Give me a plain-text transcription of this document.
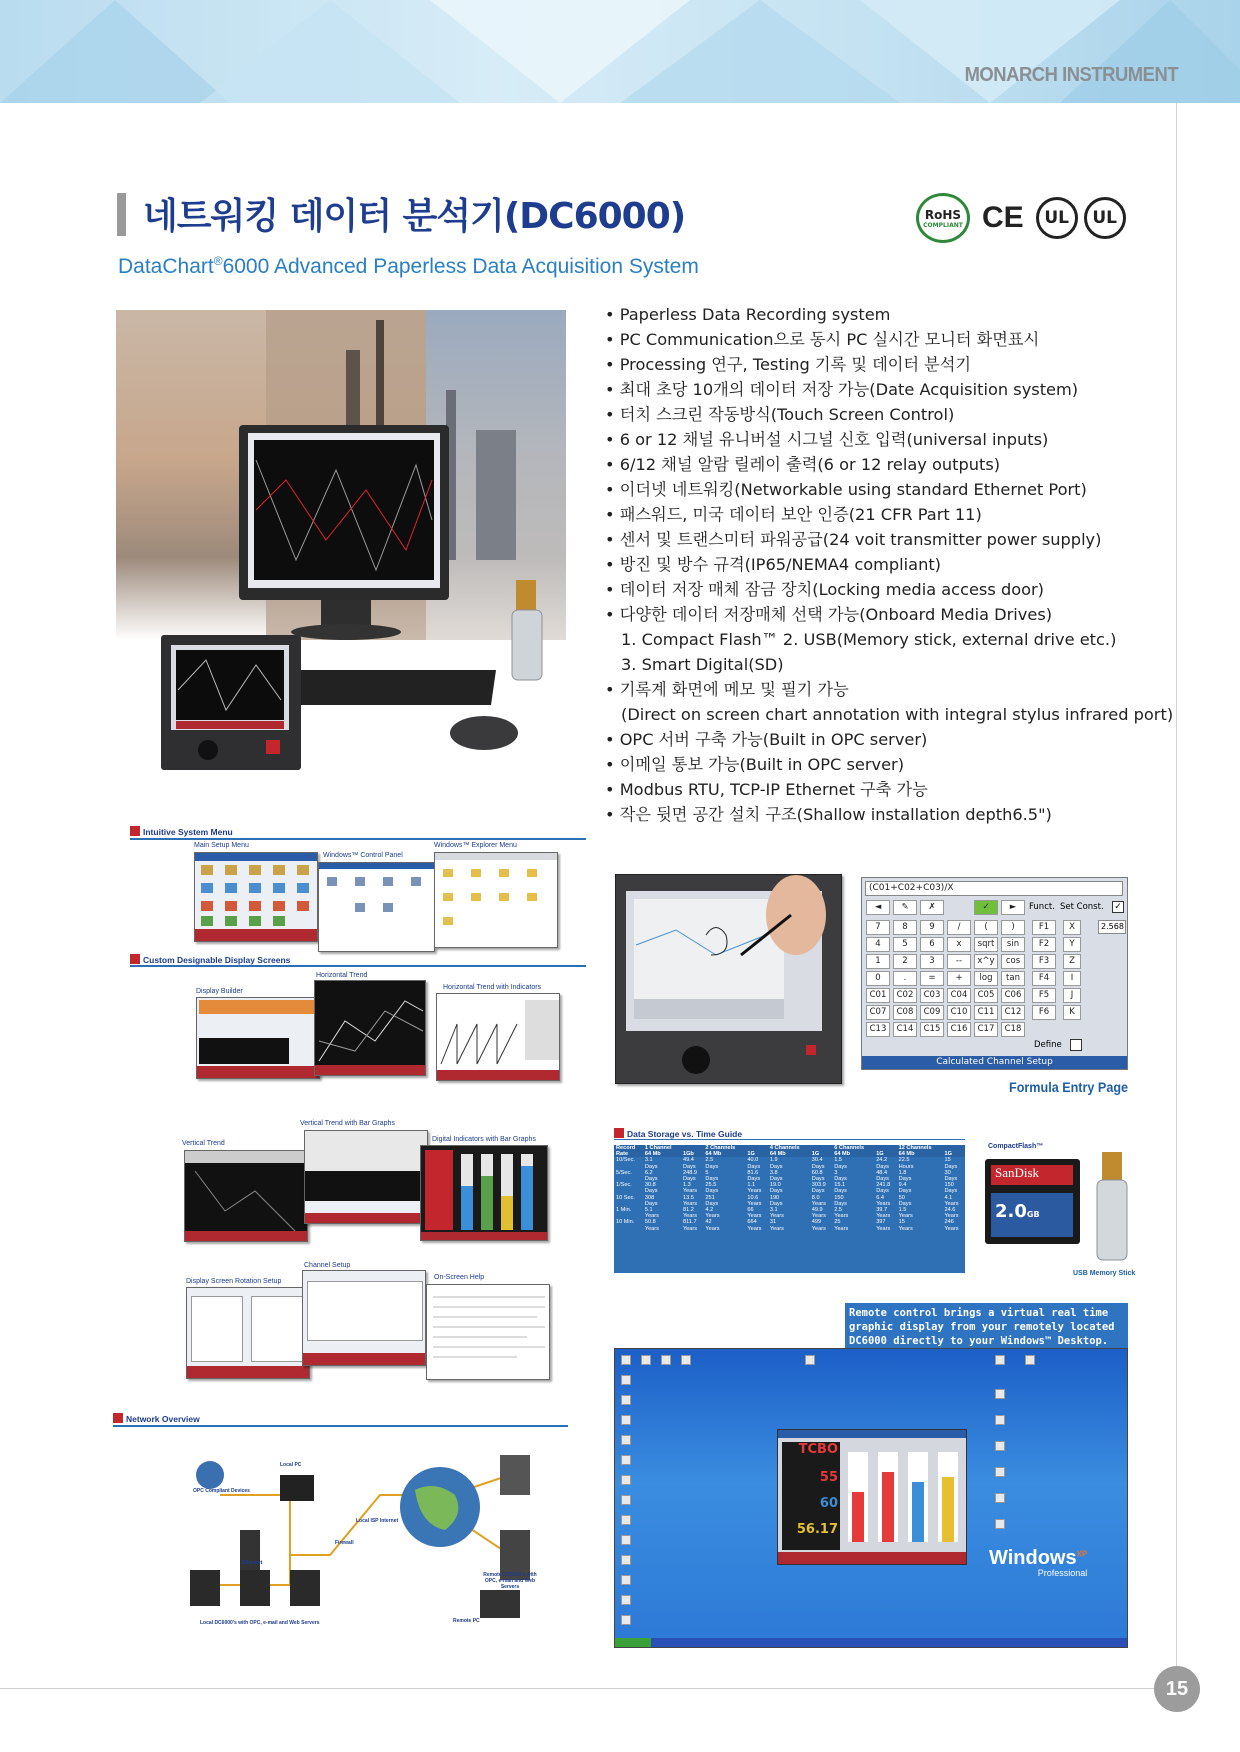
MONARCH INSTRUMENT
네트워킹 데이터 분석기(DC6000)
DataChart®6000 Advanced Paperless Data Acquisition System
RoHS
COMPLIANT CE	UL	UL
• Paperless Data Recording system
• PC Communication으로 동시 PC 실시간 모니터 화면표시
• Processing 연구, Testing 기록 및 데이터 분석기
• 최대 초당 10개의 데이터 저장 가능(Date Acquisition system)
• 터치 스크린 작동방식(Touch Screen Control)
• 6 or 12 채널 유니버설 시그널 신호 입력(universal inputs)
• 6/12 채널 알람 릴레이 출력(6 or 12 relay outputs)
• 이더넷 네트워킹(Networkable using standard Ethernet Port)
• 패스워드, 미국 데이터 보안 인증(21 CFR Part 11)
• 센서 및 트랜스미터 파워공급(24 voit transmitter power supply)
• 방진 및 방수 규격(IP65/NEMA4 compliant)
• 데이터 저장 매체 잠금 장치(Locking media access door)
• 다양한 데이터 저장매체 선택 가능(Onboard Media Drives)
1. Compact Flash™ 2. USB(Memory stick, external drive etc.)
3. Smart Digital(SD)
• 기록계 화면에 메모 및 필기 가능
(Direct on screen chart annotation with integral stylus infrared port)
• OPC 서버 구축 가능(Built in OPC server)
• 이메일 통보 가능(Built in OPC server)
• Modbus RTU, TCP-IP Ethernet 구축 가능
• 작은 뒷면 공간 설치 구조(Shallow installation depth6.5")
Intuitive System Menu
Main Setup Menu
Windows™ Control Panel
Windows™ Explorer Menu
Custom Designable Display Screens
Display Builder
Horizontal Trend
Horizontal Trend with Indicators
Vertical Trend with Bar Graphs
Vertical Trend
Digital Indicators with Bar Graphs
Channel Setup
Display Screen Rotation Setup
On-Screen Help
Network Overview
Local PC
OPC Compliant Devices
Local ISP Internet
Firewall
Ethernet
Remote DC6000's with OPC, e-mail and Web Servers
Local DC6000's with OPC, e-mail and Web Servers	Remote PC
(C01+C02+C03)/X
◄	✎	✗	✓	►	Funct. Set Const. ✓
7	8	9	/	(	)	F1	X
4	5	6	x	sqrt	sin	F2	Y
1	2	3	--	x^y	cos	F3	Z
0	.	=	+	log	tan	F4	I
C01	C02	C03	C04	C05	C06	F5	J
C07	C08	C09	C10	C11	C12	F6	K
C13	C14	C15	C16	C17	C18
2.568
Define
Calculated Channel Setup
Formula Entry Page
Data Storage vs. Time Guide
Record	1 Channel		2 Channels		4 Channels		6 Channels		12 Channels	
Rate	64 Mb	1Gb	64 Mb	1G	64 Mb	1G	64 Mb	1G	64 Mb	1G
10/Sec.	3.1	49.4	2.5	40.0	1.9	30.4	1.5	24.2	22.5	15
	Days	Days	Days	Days	Days	Days	Days	Days	Hours	Days
5/Sec.	6.2	248.9	5	81.6	3.8	60.8	3	48.4	1.8	30
	Days	Days	Days	Days	Days	Days	Days	Days	Days	Days
1/Sec.	30.8	1.3	25.5	1.1	19.0	303.9	15.1	241.8	9.4	150
	Days	Years	Days	Years	Days	Days	Days	Days	Days	Days
10 Sec.	308	13.5	251	10.6	190	8.0	150	6.4	50	4.1
	Days	Years	Days	Years	Days	Years	Days	Years	Days	Years
1 Min.	5.1	81.2	4.2	66	3.1	49.9	2.5	39.7	1.5	24.6
	Years	Years	Years	Years	Years	Years	Years	Years	Years	Years
10 Min.	50.8	811.7	42	664	31	499	25	397	15	246
	Years	Years	Years	Years	Years	Years	Years	Years	Years	Years
CompactFlash™
SanDisk
2.0GB
USB Memory Stick
Remote control brings a virtual real time graphic display from your remotely located DC6000 directly to your Windows™ Desktop.
TCBO
55
60
56.17
Windows$^{XP}$
Professional
15
